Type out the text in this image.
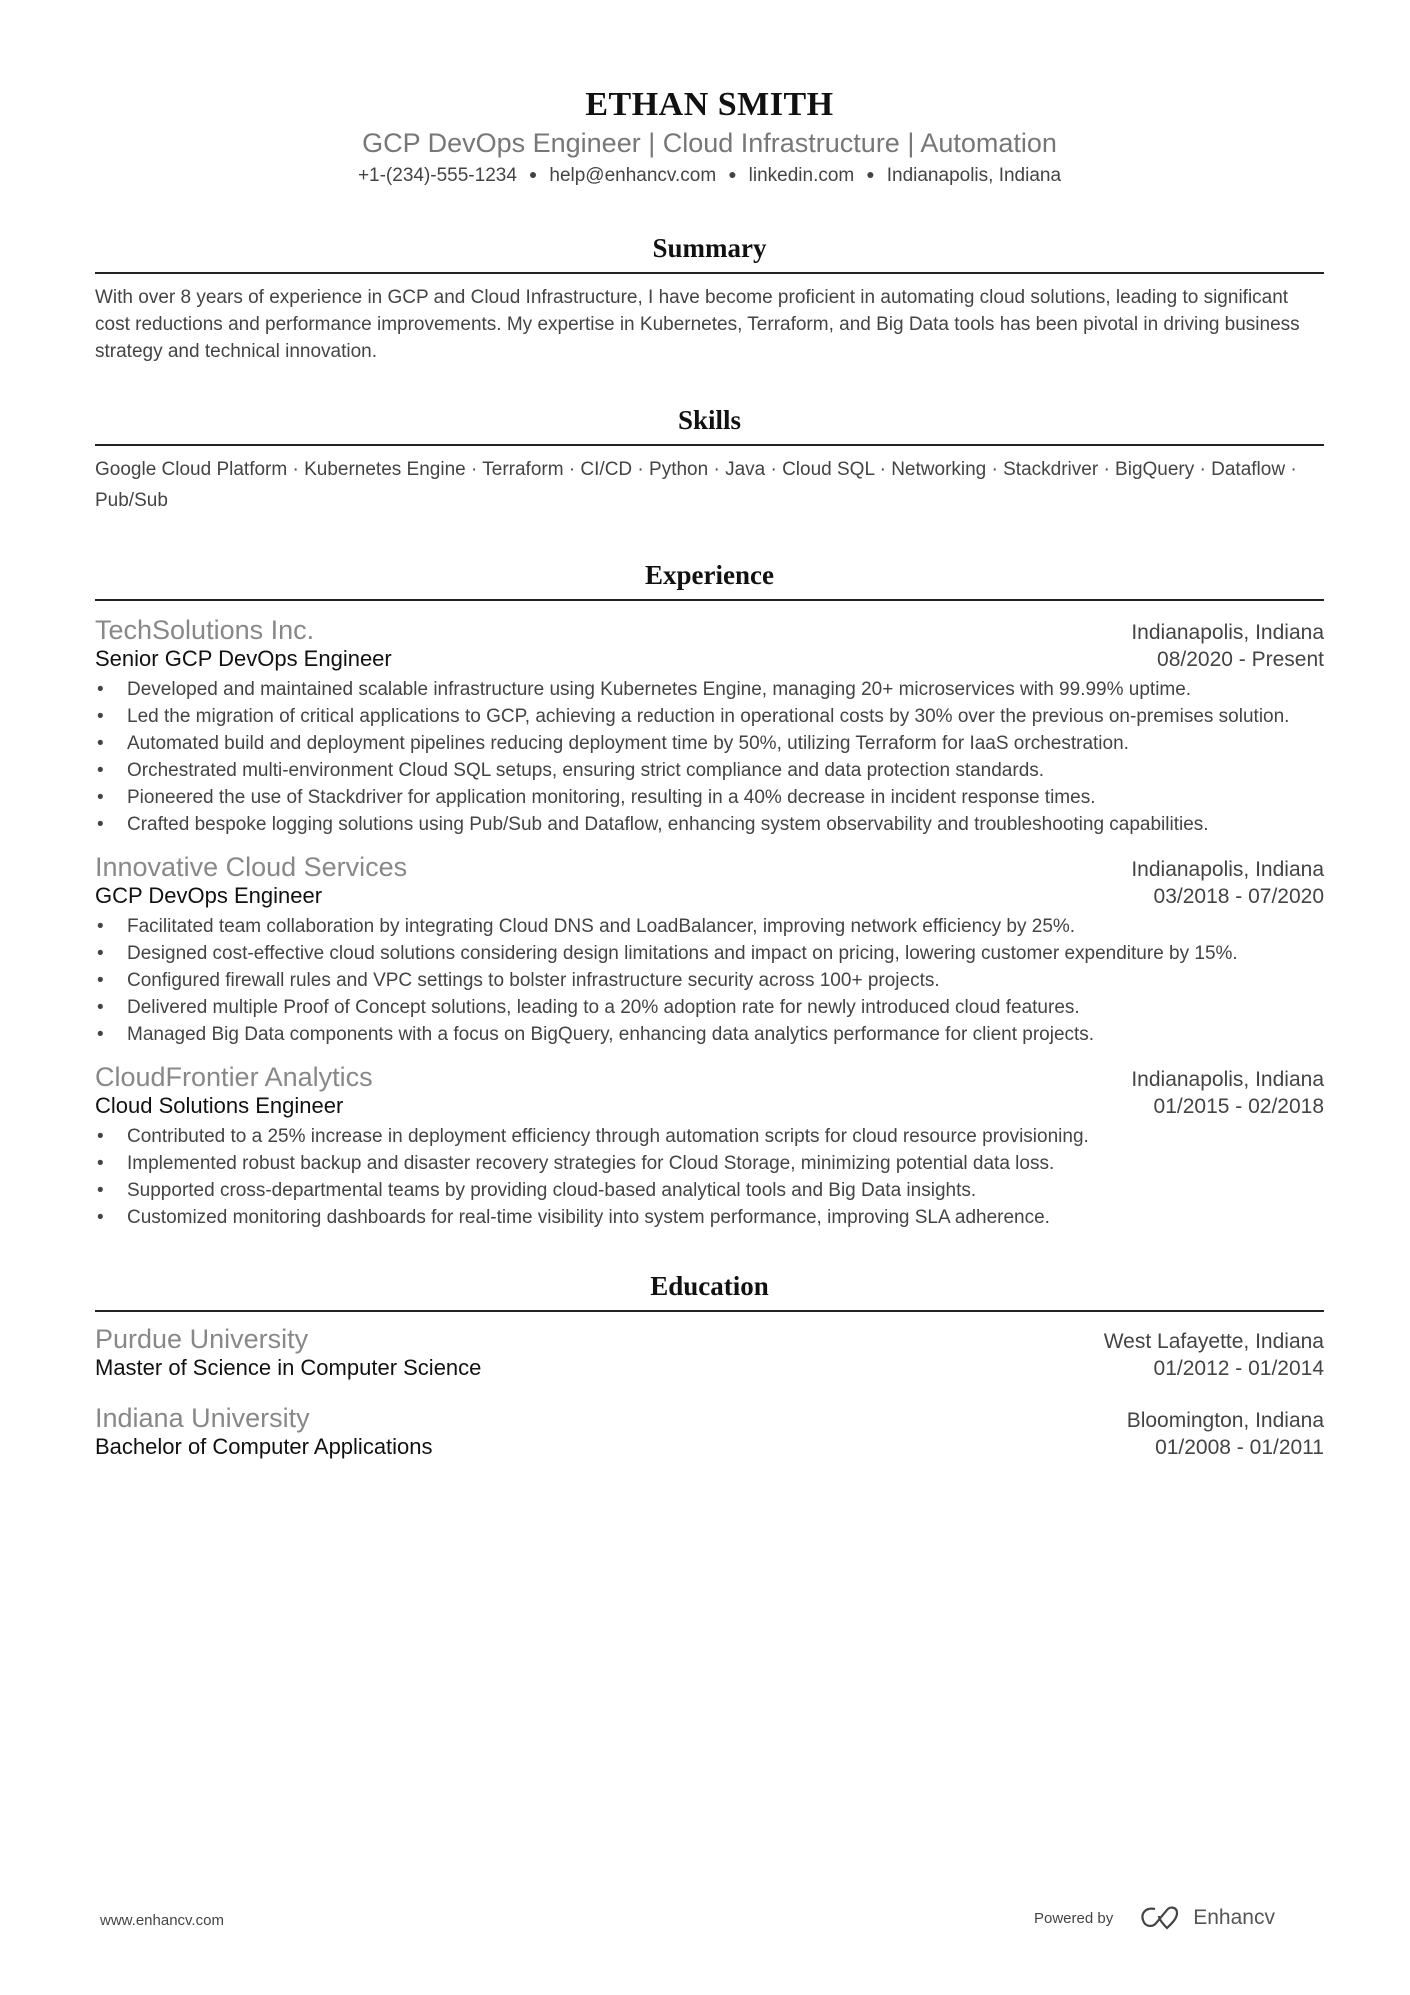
ETHAN SMITH
GCP DevOps Engineer | Cloud Infrastructure | Automation
+1-(234)-555-1234 ● help@enhancv.com ● linkedin.com ● Indianapolis, Indiana
Summary
With over 8 years of experience in GCP and Cloud Infrastructure, I have become proficient in automating cloud solutions, leading to significant cost reductions and performance improvements. My expertise in Kubernetes, Terraform, and Big Data tools has been pivotal in driving business strategy and technical innovation.
Skills
Google Cloud Platform · Kubernetes Engine · Terraform · CI/CD · Python · Java · Cloud SQL · Networking · Stackdriver · BigQuery · Dataflow · Pub/Sub
Experience
TechSolutions Inc.	Indianapolis, Indiana
Senior GCP DevOps Engineer	08/2020 - Present
• Developed and maintained scalable infrastructure using Kubernetes Engine, managing 20+ microservices with 99.99% uptime.
• Led the migration of critical applications to GCP, achieving a reduction in operational costs by 30% over the previous on-premises solution.
• Automated build and deployment pipelines reducing deployment time by 50%, utilizing Terraform for IaaS orchestration.
• Orchestrated multi-environment Cloud SQL setups, ensuring strict compliance and data protection standards.
• Pioneered the use of Stackdriver for application monitoring, resulting in a 40% decrease in incident response times.
• Crafted bespoke logging solutions using Pub/Sub and Dataflow, enhancing system observability and troubleshooting capabilities.
Innovative Cloud Services	Indianapolis, Indiana
GCP DevOps Engineer	03/2018 - 07/2020
• Facilitated team collaboration by integrating Cloud DNS and LoadBalancer, improving network efficiency by 25%.
• Designed cost-effective cloud solutions considering design limitations and impact on pricing, lowering customer expenditure by 15%.
• Configured firewall rules and VPC settings to bolster infrastructure security across 100+ projects.
• Delivered multiple Proof of Concept solutions, leading to a 20% adoption rate for newly introduced cloud features.
• Managed Big Data components with a focus on BigQuery, enhancing data analytics performance for client projects.
CloudFrontier Analytics	Indianapolis, Indiana
Cloud Solutions Engineer	01/2015 - 02/2018
• Contributed to a 25% increase in deployment efficiency through automation scripts for cloud resource provisioning.
• Implemented robust backup and disaster recovery strategies for Cloud Storage, minimizing potential data loss.
• Supported cross-departmental teams by providing cloud-based analytical tools and Big Data insights.
• Customized monitoring dashboards for real-time visibility into system performance, improving SLA adherence.
Education
Purdue University	West Lafayette, Indiana
Master of Science in Computer Science	01/2012 - 01/2014
Indiana University	Bloomington, Indiana
Bachelor of Computer Applications	01/2008 - 01/2011
www.enhancv.com	Powered by	Enhancv
